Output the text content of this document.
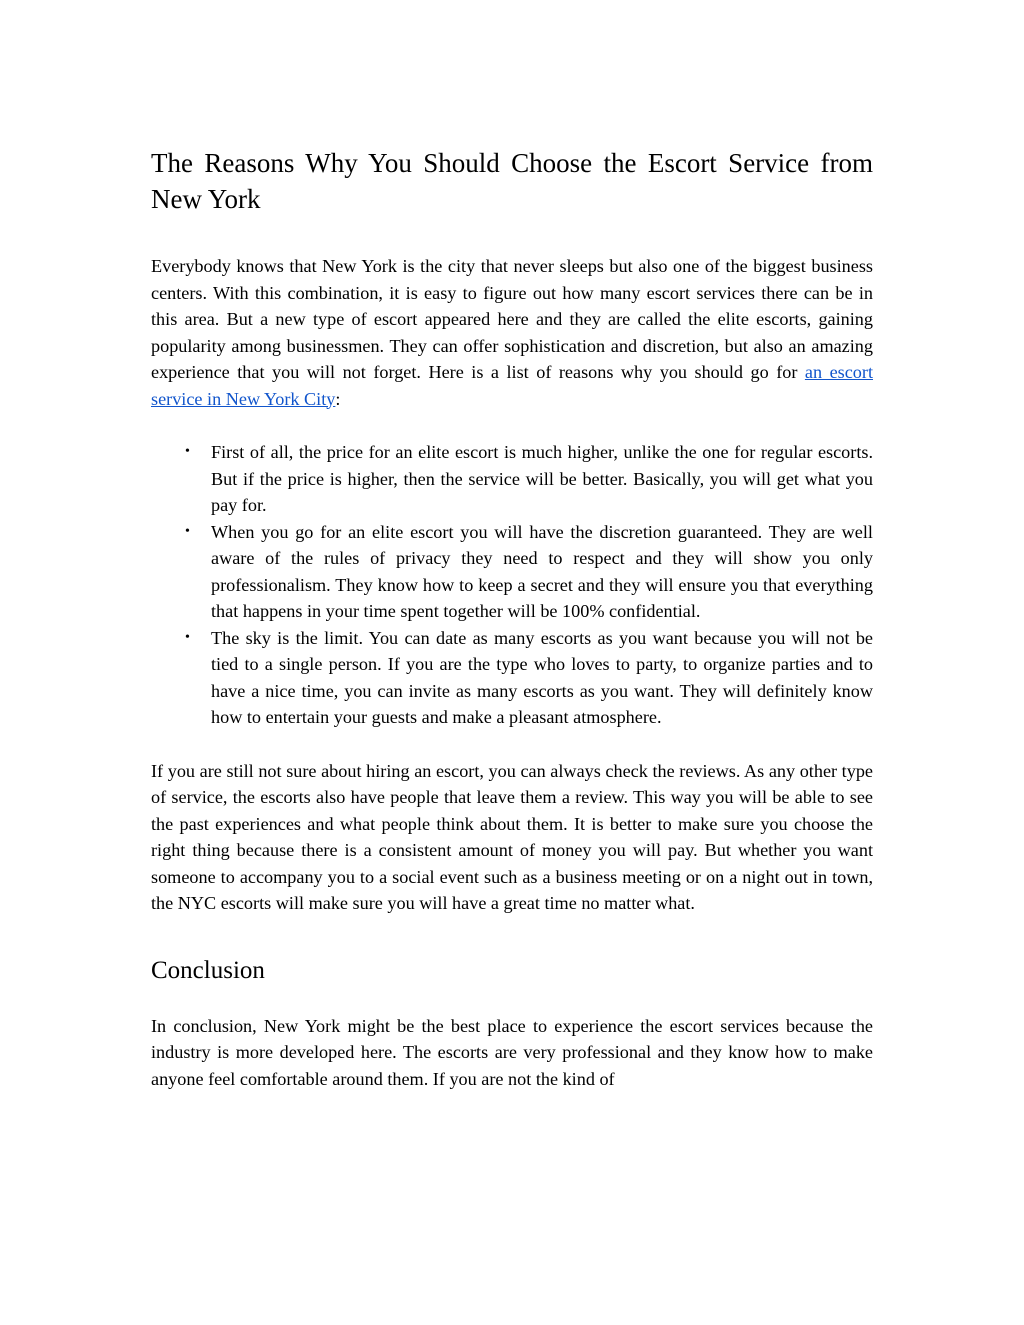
The Reasons Why You Should Choose the Escort Service from
New York

Everybody knows that New York is the city that never sleeps but also one of the biggest business centers. With this combination, it is easy to figure out how many escort services there can be in this area. But a new type of escort appeared here and they are called the elite escorts, gaining popularity among businessmen. They can offer sophistication and discretion, but also an amazing experience that you will not forget. Here is a list of reasons why you should go for an escort service in New York City:

• First of all, the price for an elite escort is much higher, unlike the one for regular escorts. But if the price is higher, then the service will be better. Basically, you will get what you pay for.
• When you go for an elite escort you will have the discretion guaranteed. They are well aware of the rules of privacy they need to respect and they will show you only professionalism. They know how to keep a secret and they will ensure you that everything that happens in your time spent together will be 100% confidential.
• The sky is the limit. You can date as many escorts as you want because you will not be tied to a single person. If you are the type who loves to party, to organize parties and to have a nice time, you can invite as many escorts as you want. They will definitely know how to entertain your guests and make a pleasant atmosphere.

If you are still not sure about hiring an escort, you can always check the reviews. As any other type of service, the escorts also have people that leave them a review. This way you will be able to see the past experiences and what people think about them. It is better to make sure you choose the right thing because there is a consistent amount of money you will pay. But whether you want someone to accompany you to a social event such as a business meeting or on a night out in town, the NYC escorts will make sure you will have a great time no matter what.

Conclusion

In conclusion, New York might be the best place to experience the escort services because the industry is more developed here. The escorts are very professional and they know how to make anyone feel comfortable around them. If you are not the kind of
